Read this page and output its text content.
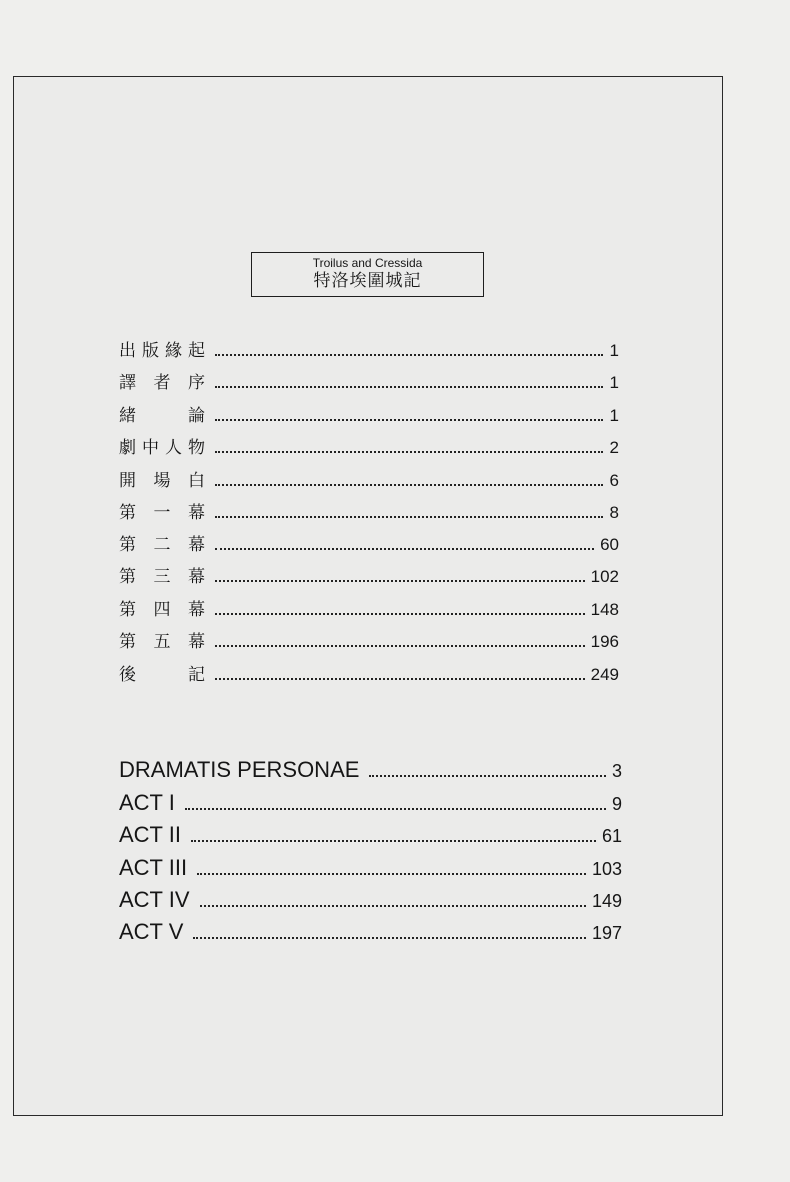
Troilus and Cressida
特洛埃圍城記
出版緣起	1
譯者序	1
緒論	1
劇中人物	2
開場白	6
第一幕	8
第二幕	60
第三幕	102
第四幕	148
第五幕	196
後記	249
DRAMATIS PERSONAE	3
ACT I	9
ACT II	61
ACT III	103
ACT IV	149
ACT V	197
